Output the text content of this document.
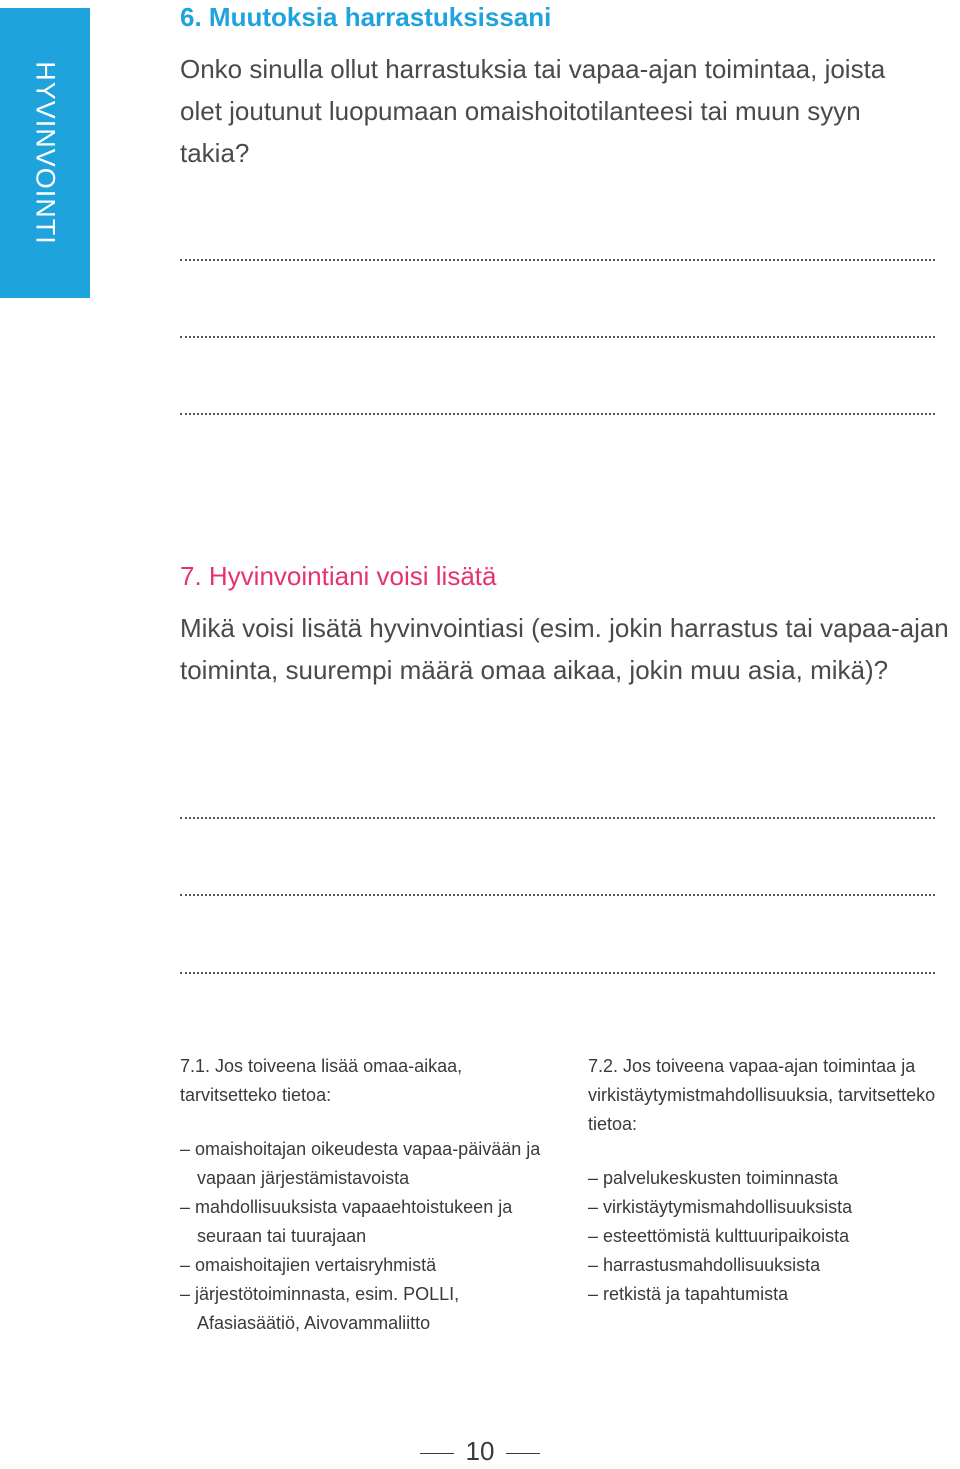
HYVINVOINTI
6. Muutoksia harrastuksissani

Onko sinulla ollut harrastuksia tai vapaa-ajan toimintaa, joista olet joutunut luopumaan omaishoitotilanteesi tai muun syyn takia?

7. Hyvinvointiani voisi lisätä

Mikä voisi lisätä hyvinvointiasi (esim. jokin harrastus tai vapaa-ajan toiminta, suurempi määrä omaa aikaa, jokin muu asia, mikä)?

7.1. Jos toiveena lisää omaa-aikaa, tarvitsetteko tietoa:

– omaishoitajan oikeudesta vapaa-päivään ja vapaan järjestämistavoista
– mahdollisuuksista vapaaehtoistukeen ja seuraan tai tuurajaan
– omaishoitajien vertaisryhmistä
– järjestötoiminnasta, esim. POLLI, Afasiasäätiö, Aivovammaliitto

7.2. Jos toiveena vapaa-ajan toimintaa ja virkistäytymistmahdollisuuksia, tarvitsetteko tietoa:

– palvelukeskusten toiminnasta
– virkistäytymismahdollisuuksista
– esteettömistä kulttuuripaikoista
– harrastusmahdollisuuksista
– retkistä ja tapahtumista
10
